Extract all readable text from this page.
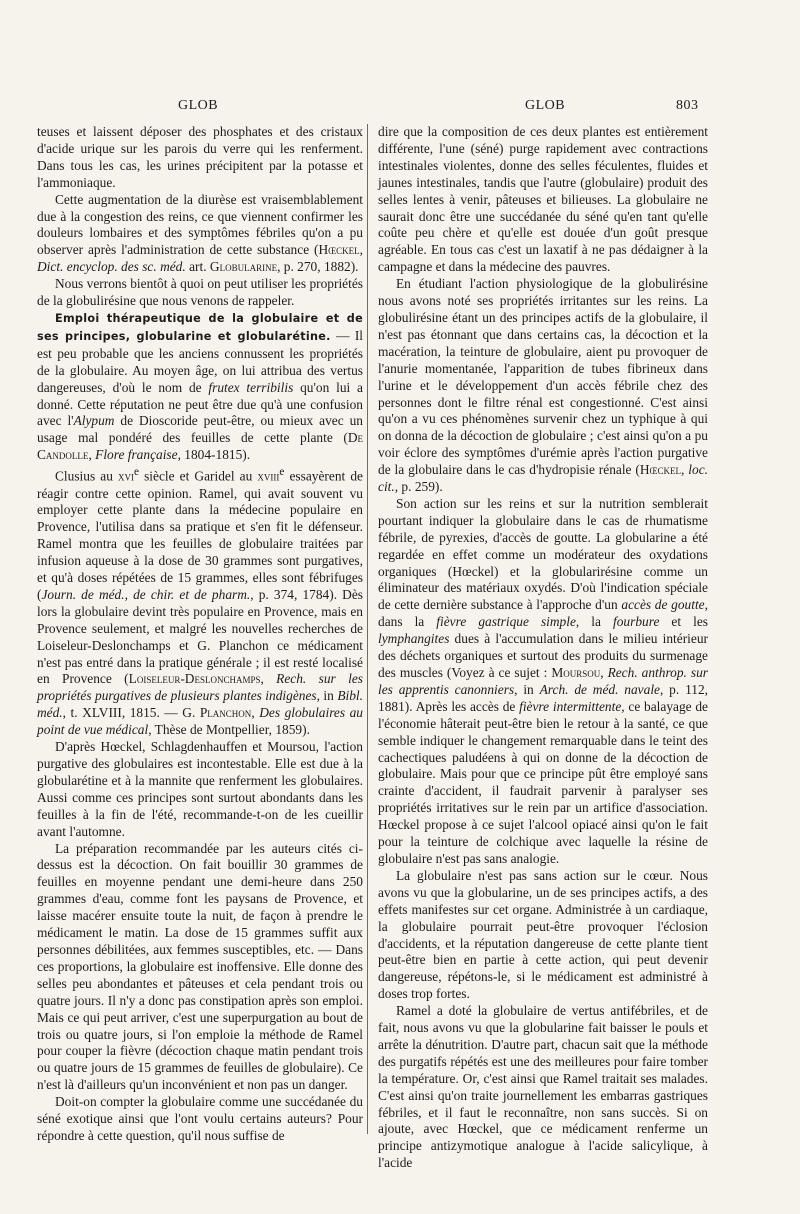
GLOB	GLOB	803

teuses et laissent déposer des phosphates et des cristaux d'acide urique sur les parois du verre qui les renferment. Dans tous les cas, les urines précipitent par la potasse et l'ammoniaque.

Cette augmentation de la diurèse est vraisemblablement due à la congestion des reins, ce que viennent confirmer les douleurs lombaires et des symptômes fébriles qu'on a pu observer après l'administration de cette substance (Hœckel, Dict. encyclop. des sc. méd. art. Globularine, p. 270, 1882).

Nous verrons bientôt à quoi on peut utiliser les propriétés de la globulirésine que nous venons de rappeler.

Emploi thérapeutique de la globulaire et de ses principes, globularine et globularétine. — Il est peu probable que les anciens connussent les propriétés de la globulaire. Au moyen âge, on lui attribua des vertus dangereuses, d'où le nom de frutex terribilis qu'on lui a donné. Cette réputation ne peut être due qu'à une confusion avec l'Alypum de Dioscoride peut-être, ou mieux avec un usage mal pondéré des feuilles de cette plante (De Candolle, Flore française, 1804-1815).

Clusius au xvi$^e$ siècle et Garidel au xviii$^e$ essayèrent de réagir contre cette opinion. Ramel, qui avait souvent vu employer cette plante dans la médecine populaire en Provence, l'utilisa dans sa pratique et s'en fit le défenseur. Ramel montra que les feuilles de globulaire traitées par infusion aqueuse à la dose de 30 grammes sont purgatives, et qu'à doses répétées de 15 grammes, elles sont fébrifuges (Journ. de méd., de chir. et de pharm., p. 374, 1784). Dès lors la globulaire devint très populaire en Provence, mais en Provence seulement, et malgré les nouvelles recherches de Loiseleur-Deslonchamps et G. Planchon ce médicament n'est pas entré dans la pratique générale ; il est resté localisé en Provence (Loiseleur-Deslonchamps, Rech. sur les propriétés purgatives de plusieurs plantes indigènes, in Bibl. méd., t. XLVIII, 1815. — G. Planchon, Des globulaires au point de vue médical, Thèse de Montpellier, 1859).

D'après Hœckel, Schlagdenhauffen et Moursou, l'action purgative des globulaires est incontestable. Elle est due à la globularétine et à la mannite que renferment les globulaires. Aussi comme ces principes sont surtout abondants dans les feuilles à la fin de l'été, recommande-t-on de les cueillir avant l'automne.

La préparation recommandée par les auteurs cités ci-dessus est la décoction. On fait bouillir 30 grammes de feuilles en moyenne pendant une demi-heure dans 250 grammes d'eau, comme font les paysans de Provence, et laisse macérer ensuite toute la nuit, de façon à prendre le médicament le matin. La dose de 15 grammes suffit aux personnes débilitées, aux femmes susceptibles, etc. — Dans ces proportions, la globulaire est inoffensive. Elle donne des selles peu abondantes et pâteuses et cela pendant trois ou quatre jours. Il n'y a donc pas constipation après son emploi. Mais ce qui peut arriver, c'est une superpurgation au bout de trois ou quatre jours, si l'on emploie la méthode de Ramel pour couper la fièvre (décoction chaque matin pendant trois ou quatre jours de 15 grammes de feuilles de globulaire). Ce n'est là d'ailleurs qu'un inconvénient et non pas un danger.

Doit-on compter la globulaire comme une succédanée du séné exotique ainsi que l'ont voulu certains auteurs? Pour répondre à cette question, qu'il nous suffise de

dire que la composition de ces deux plantes est entièrement différente, l'une (séné) purge rapidement avec contractions intestinales violentes, donne des selles féculentes, fluides et jaunes intestinales, tandis que l'autre (globulaire) produit des selles lentes à venir, pâteuses et bilieuses. La globulaire ne saurait donc être une succédanée du séné qu'en tant qu'elle coûte peu chère et qu'elle est douée d'un goût presque agréable. En tous cas c'est un laxatif à ne pas dédaigner à la campagne et dans la médecine des pauvres.

En étudiant l'action physiologique de la globulirésine nous avons noté ses propriétés irritantes sur les reins. La globulirésine étant un des principes actifs de la globulaire, il n'est pas étonnant que dans certains cas, la décoction et la macération, la teinture de globulaire, aient pu provoquer de l'anurie momentanée, l'apparition de tubes fibrineux dans l'urine et le développement d'un accès fébrile chez des personnes dont le filtre rénal est congestionné. C'est ainsi qu'on a vu ces phénomènes survenir chez un typhique à qui on donna de la décoction de globulaire ; c'est ainsi qu'on a pu voir éclore des symptômes d'urémie après l'action purgative de la globulaire dans le cas d'hydropisie rénale (Hœckel, loc. cit., p. 259).

Son action sur les reins et sur la nutrition semblerait pourtant indiquer la globulaire dans le cas de rhumatisme fébrile, de pyrexies, d'accès de goutte. La globularine a été regardée en effet comme un modérateur des oxydations organiques (Hœckel) et la globularirésine comme un éliminateur des matériaux oxydés. D'où l'indication spéciale de cette dernière substance à l'approche d'un accès de goutte, dans la fièvre gastrique simple, la fourbure et les lymphangites dues à l'accumulation dans le milieu intérieur des déchets organiques et surtout des produits du surmenage des muscles (Voyez à ce sujet : Moursou, Rech. anthrop. sur les apprentis canonniers, in Arch. de méd. navale, p. 112, 1881). Après les accès de fièvre intermittente, ce balayage de l'économie hâterait peut-être bien le retour à la santé, ce que semble indiquer le changement remarquable dans le teint des cachectiques paludéens à qui on donne de la décoction de globulaire. Mais pour que ce principe pût être employé sans crainte d'accident, il faudrait parvenir à paralyser ses propriétés irritatives sur le rein par un artifice d'association. Hœckel propose à ce sujet l'alcool opiacé ainsi qu'on le fait pour la teinture de colchique avec laquelle la résine de globulaire n'est pas sans analogie.

La globulaire n'est pas sans action sur le cœur. Nous avons vu que la globularine, un de ses principes actifs, a des effets manifestes sur cet organe. Administrée à un cardiaque, la globulaire pourrait peut-être provoquer l'éclosion d'accidents, et la réputation dangereuse de cette plante tient peut-être bien en partie à cette action, qui peut devenir dangereuse, répétons-le, si le médicament est administré à doses trop fortes.

Ramel a doté la globulaire de vertus antifébriles, et de fait, nous avons vu que la globularine fait baisser le pouls et arrête la dénutrition. D'autre part, chacun sait que la méthode des purgatifs répétés est une des meilleures pour faire tomber la température. Or, c'est ainsi que Ramel traitait ses malades. C'est ainsi qu'on traite journellement les embarras gastriques fébriles, et il faut le reconnaître, non sans succès. Si on ajoute, avec Hœckel, que ce médicament renferme un principe antizymotique analogue à l'acide salicylique, à l'acide
